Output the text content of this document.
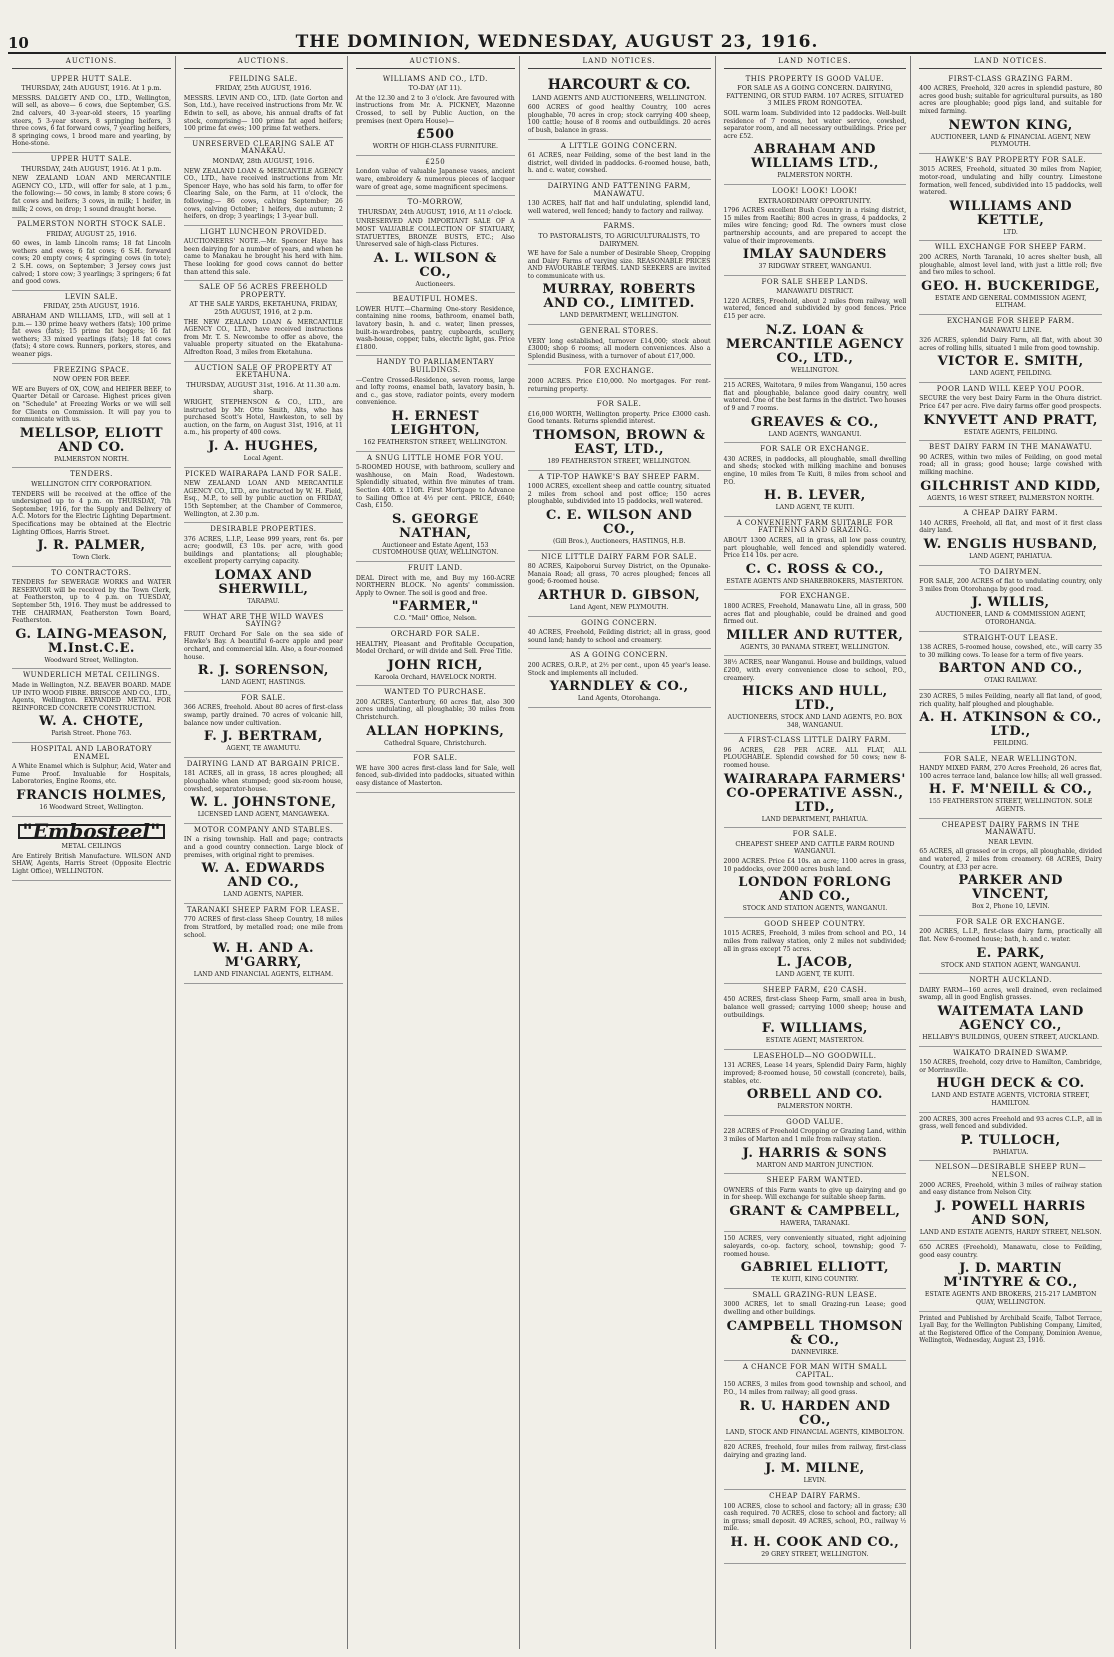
10	THE DOMINION, WEDNESDAY, AUGUST 23, 1916.
AUCTIONS.
UPPER HUTT SALE.
THURSDAY, 24th AUGUST, 1916. At 1 p.m.
MESSRS. DALGETY AND CO., LTD., Wellington, will sell, as above— 6 cows, due September, G.S. 2nd calvers, 40 3-year-old steers, 15 yearling steers, 5 3-year steers, 8 springing heifers, 3 three cows, 6 fat forward cows, 7 yearling heifers, 8 springing cows, 1 brood mare and yearling, by Hone-stone.
UPPER HUTT SALE.
THURSDAY, 24th AUGUST, 1916. At 1 p.m.
NEW ZEALAND LOAN AND MERCANTILE AGENCY CO., LTD., will offer for sale, at 1 p.m., the following:— 50 cows, in lamb; 8 store cows; 6 fat cows and heifers; 3 cows, in milk; 1 heifer, in milk; 2 cows, on drop; 1 sound draught horse.
PALMERSTON NORTH STOCK SALE.
FRIDAY, AUGUST 25, 1916.
60 ewes, in lamb Lincoln rams; 18 fat Lincoln wethers and ewes; 6 fat cows; 6 S.H. forward cows; 20 empty cows; 4 springing cows (in tote); 2 S.H. cows, on September; 3 Jersey cows just calved; 1 store cow; 3 yearlings; 3 springers; 6 fat and good cows.
LEVIN SALE.
FRIDAY, 25th AUGUST, 1916.
ABRAHAM AND WILLIAMS, LTD., will sell at 1 p.m.— 130 prime heavy wethers (fats); 100 prime fat ewes (fats); 15 prime fat hoggets; 16 fat wethers; 33 mixed yearlings (fats); 18 fat cows (fats); 4 store cows. Runners, porkers, stores, and weaner pigs.
FREEZING SPACE.
NOW OPEN FOR BEEF.
WE are Buyers of OX, COW, and HEIFER BEEF, to Quarter Detail or Carcase. Highest prices given on "Schedule" at Freezing Works or we will sell for Clients on Commission. It will pay you to communicate with us.
MELLSOP, ELIOTT AND CO.
PALMERSTON NORTH.
TENDERS.
WELLINGTON CITY CORPORATION.
TENDERS will be received at the office of the undersigned up to 4 p.m. on THURSDAY, 7th September, 1916, for the Supply and Delivery of A.C. Motors for the Electric Lighting Department. Specifications may be obtained at the Electric Lighting Offices, Harris Street.
J. R. PALMER,
Town Clerk.
TO CONTRACTORS.
TENDERS for SEWERAGE WORKS and WATER RESERVOIR will be received by the Town Clerk, at Featherston, up to 4 p.m. on TUESDAY, September 5th, 1916. They must be addressed to THE CHAIRMAN, Featherston Town Board, Featherston.
G. LAING-MEASON, M.Inst.C.E.
Woodward Street, Wellington.
WUNDERLICH METAL CEILINGS.
Made in Wellington, N.Z. BEAVER BOARD. MADE UP INTO WOOD FIBRE. BRISCOE AND CO., LTD., Agents, Wellington. EXPANDED METAL FOR REINFORCED CONCRETE CONSTRUCTION.
W. A. CHOTE,
Parish Street. Phone 763.
HOSPITAL AND LABORATORY ENAMEL
A White Enamel which is Sulphur, Acid, Water and Fume Proof. Invaluable for Hospitals, Laboratories, Engine Rooms, etc.
FRANCIS HOLMES,
16 Woodward Street, Wellington.
"Embosteel"
METAL CEILINGS
Are Entirely British Manufacture. WILSON AND SHAW, Agents, Harris Street (Opposite Electric Light Office), WELLINGTON.
AUCTIONS.
FEILDING SALE.
FRIDAY, 25th AUGUST, 1916.
MESSRS. LEVIN AND CO., LTD. (late Gorton and Son, Ltd.), have received instructions from Mr. W. Edwin to sell, as above, his annual drafts of fat stock, comprising— 100 prime fat aged heifers; 100 prime fat ewes; 100 prime fat wethers.
UNRESERVED CLEARING SALE AT MANAKAU.
MONDAY, 28th AUGUST, 1916.
NEW ZEALAND LOAN & MERCANTILE AGENCY CO., LTD., have received instructions from Mr. Spencer Haye, who has sold his farm, to offer for Clearing Sale, on the Farm, at 11 o'clock, the following:— 86 cows, calving September; 26 cows, calving October; 1 heifers, due autumn; 2 heifers, on drop; 3 yearlings; 1 3-year bull.
LIGHT LUNCHEON PROVIDED.
AUCTIONEERS' NOTE.—Mr. Spencer Haye has been dairying for a number of years, and when he came to Manakau he brought his herd with him. These looking for good cows cannot do better than attend this sale.
SALE OF 56 ACRES FREEHOLD PROPERTY.
AT THE SALE YARDS, EKETAHUNA, FRIDAY, 25th AUGUST, 1916, at 2 p.m.
THE NEW ZEALAND LOAN & MERCANTILE AGENCY CO., LTD., have received instructions from Mr. T. S. Newcombe to offer as above, the valuable property situated on the Ekatahuna-Alfredton Road, 3 miles from Eketahuna.
AUCTION SALE OF PROPERTY AT EKETAHUNA.
THURSDAY, AUGUST 31st, 1916. At 11.30 a.m. sharp.
WRIGHT, STEPHENSON & CO., LTD., are instructed by Mr. Otto Smith, Alts, who has purchased Scott's Hotel, Hawkeston, to sell by auction, on the farm, on August 31st, 1916, at 11 a.m., his property of 400 cows.
J. A. HUGHES,
Local Agent.
PICKED WAIRARAPA LAND FOR SALE.
NEW ZEALAND LOAN AND MERCANTILE AGENCY CO., LTD., are instructed by W. H. Field, Esq., M.P., to sell by public auction on FRIDAY, 15th September, at the Chamber of Commerce, Wellington, at 2.30 p.m.
DESIRABLE PROPERTIES.
376 ACRES, L.I.P., Lease 999 years, rent 6s. per acre; goodwill, £3 10s. per acre, with good buildings and plantations; all ploughable; excellent property carrying capacity.
LOMAX AND SHERWILL,
TARAPAU.
WHAT ARE THE WILD WAVES SAYING?
FRUIT Orchard For Sale on the sea side of Hawke's Bay. A beautiful 6-acre apple and pear orchard, and commercial kiln. Also, a four-roomed house.
R. J. SORENSON,
LAND AGENT, HASTINGS.
FOR SALE.
366 ACRES, freehold. About 80 acres of first-class swamp, partly drained. 70 acres of volcanic hill, balance now under cultivation.
F. J. BERTRAM,
AGENT, TE AWAMUTU.
DAIRYING LAND AT BARGAIN PRICE.
181 ACRES, all in grass, 18 acres ploughed; all ploughable when stumped; good six-room house, cowshed, separator-house.
W. L. JOHNSTONE,
LICENSED LAND AGENT, MANGAWEKA.
MOTOR COMPANY AND STABLES.
IN a rising township. Hall and page; contracts and a good country connection. Large block of premises, with original right to premises.
W. A. EDWARDS AND CO.,
LAND AGENTS, NAPIER.
TARANAKI SHEEP FARM FOR LEASE.
770 ACRES of first-class Sheep Country, 18 miles from Stratford, by metalled road; one mile from school.
W. H. AND A. M'GARRY,
LAND AND FINANCIAL AGENTS, ELTHAM.
AUCTIONS.
WILLIAMS AND CO., LTD.
TO-DAY (AT 11).
At the 12.30 and 2 to 3 o'clock. Are favoured with instructions from Mr. A. PICKNEY, Mazonne Crossed, to sell by Public Auction, on the premises (next Opera House)—
£500
WORTH OF HIGH-CLASS FURNITURE.
£250
London value of valuable Japanese vases, ancient ware, embroidery & numerous pieces of lacquer ware of great age, some magnificent specimens.
TO-MORROW,
THURSDAY, 24th AUGUST, 1916, At 11 o'clock.
UNRESERVED AND IMPORTANT SALE OF A MOST VALUABLE COLLECTION OF STATUARY, STATUETTES, BRONZE BUSTS, ETC.; Also Unreserved sale of high-class Pictures.
A. L. WILSON & CO.,
Auctioneers.
BEAUTIFUL HOMES.
LOWER HUTT.—Charming One-story Residence, containing nine rooms, bathroom, enamel bath, lavatory basin, h. and c. water, linen presses, built-in-wardrobes, pantry, cupboards, scullery, wash-house, copper, tubs, electric light, gas. Price £1800.
HANDY TO PARLIAMENTARY BUILDINGS.
—Centre Crossed-Residence, seven rooms, large and lofty rooms, enamel bath, lavatory basin, h. and c., gas stove, radiator points, every modern convenience.
H. ERNEST LEIGHTON,
162 FEATHERSTON STREET, WELLINGTON.
A SNUG LITTLE HOME FOR YOU.
5-ROOMED HOUSE, with bathroom, scullery and washhouse, on Main Road, Wadestown. Splendidly situated, within five minutes of tram. Section 40ft. x 110ft. First Mortgage to Advance to Sailing Office at 4½ per cent. PRICE, £640; Cash, £150.
S. GEORGE NATHAN,
Auctioneer and Estate Agent, 153 CUSTOMHOUSE QUAY, WELLINGTON.
FRUIT LAND.
DEAL Direct with me, and Buy my 160-ACRE NORTHERN BLOCK. No agents' commission. Apply to Owner. The soil is good and free.
"FARMER,"
C.O. "Mail" Office, Nelson.
ORCHARD FOR SALE.
HEALTHY, Pleasant and Profitable Occupation, Model Orchard, or will divide and Sell. Free Title.
JOHN RICH,
Karoola Orchard, HAVELOCK NORTH.
WANTED TO PURCHASE.
200 ACRES, Canterbury, 60 acres flat, also 300 acres undulating, all ploughable; 30 miles from Christchurch.
ALLAN HOPKINS,
Cathedral Square, Christchurch.
FOR SALE.
WE have 300 acres first-class land for Sale, well fenced, sub-divided into paddocks, situated within easy distance of Masterton.
LAND NOTICES.
HARCOURT & CO.
LAND AGENTS AND AUCTIONEERS, WELLINGTON.
600 ACRES of good healthy Country, 100 acres ploughable, 70 acres in crop; stock carrying 400 sheep, 100 cattle; house of 8 rooms and outbuildings. 20 acres of bush, balance in grass.
A LITTLE GOING CONCERN.
61 ACRES, near Feilding, some of the best land in the district, well divided in paddocks. 6-roomed house, bath, h. and c. water, cowshed.
DAIRYING AND FATTENING FARM, MANAWATU.
130 ACRES, half flat and half undulating, splendid land, well watered, well fenced; handy to factory and railway.
FARMS.
TO PASTORALISTS, TO AGRICULTURALISTS, TO DAIRYMEN.
WE have for Sale a number of Desirable Sheep, Cropping and Dairy Farms of varying size. REASONABLE PRICES AND FAVOURABLE TERMS. LAND SEEKERS are invited to communicate with us.
MURRAY, ROBERTS AND CO., LIMITED.
LAND DEPARTMENT, WELLINGTON.
GENERAL STORES.
VERY long established, turnover £14,000; stock about £3000; shop 6 rooms; all modern conveniences. Also a Splendid Business, with a turnover of about £17,000.
FOR EXCHANGE.
2000 ACRES. Price £10,000. No mortgages. For rent-returning property.
FOR SALE.
£16,000 WORTH, Wellington property. Price £3000 cash. Good tenants. Returns splendid interest.
THOMSON, BROWN & EAST, LTD.,
189 FEATHERSTON STREET, WELLINGTON.
A TIP-TOP HAWKE'S BAY SHEEP FARM.
1000 ACRES, excellent sheep and cattle country, situated 2 miles from school and post office; 150 acres ploughable, subdivided into 15 paddocks, well watered.
C. E. WILSON AND CO.,
(Gill Bros.), Auctioneers, HASTINGS, H.B.
NICE LITTLE DAIRY FARM FOR SALE.
80 ACRES, Kaipoborui Survey District, on the Opunake-Manaia Road; all grass, 70 acres ploughed; fences all good; 6-roomed house.
ARTHUR D. GIBSON,
Land Agent, NEW PLYMOUTH.
GOING CONCERN.
40 ACRES, Freehold, Feilding district; all in grass, good sound land; handy to school and creamery.
AS A GOING CONCERN.
200 ACRES, O.R.P., at 2½ per cent., upon 45 year's lease. Stock and implements all included.
YARNDLEY & CO.,
Land Agents, Otorohanga.
LAND NOTICES.
THIS PROPERTY IS GOOD VALUE.
FOR SALE AS A GOING CONCERN. DAIRYING, FATTENING, OR STUD FARM. 107 ACRES, SITUATED 3 MILES FROM RONGOTEA.
SOIL warm loam. Subdivided into 12 paddocks. Well-built residence of 7 rooms, hot water service, cowshed, separator room, and all necessary outbuildings. Price per acre £52.
ABRAHAM AND WILLIAMS LTD.,
PALMERSTON NORTH.
LOOK! LOOK! LOOK!
EXTRAORDINARY OPPORTUNITY.
1796 ACRES excellent Bush Country in a rising district, 15 miles from Raetihi; 800 acres in grass, 4 paddocks, 2 miles wire fencing; good Rd. The owners must close partnership accounts, and are prepared to accept the value of their improvements.
IMLAY SAUNDERS
37 RIDGWAY STREET, WANGANUI.
FOR SALE SHEEP LANDS.
MANAWATU DISTRICT.
1220 ACRES, Freehold, about 2 miles from railway, well watered, fenced and subdivided by good fences. Price £15 per acre.
N.Z. LOAN & MERCANTILE AGENCY CO., LTD.,
WELLINGTON.
215 ACRES, Waitotara, 9 miles from Wanganui, 150 acres flat and ploughable, balance good dairy country, well watered. One of the best farms in the district. Two houses of 9 and 7 rooms.
GREAVES & CO.,
LAND AGENTS, WANGANUI.
FOR SALE OR EXCHANGE.
430 ACRES, in paddocks, all ploughable, small dwelling and sheds; stocked with milking machine and bonuses engine, 10 miles from Te Kuiti, 8 miles from school and P.O.
H. B. LEVER,
LAND AGENT, TE KUITI.
A CONVENIENT FARM SUITABLE FOR FATTENING AND GRAZING.
ABOUT 1300 ACRES, all in grass, all low pass country, part ploughable, well fenced and splendidly watered. Price £14 10s. per acre.
C. C. ROSS & CO.,
ESTATE AGENTS AND SHAREBROKERS, MASTERTON.
FOR EXCHANGE.
1800 ACRES, Freehold, Manawatu Line, all in grass, 500 acres flat and ploughable, could be drained and good firmed out.
MILLER AND RUTTER,
AGENTS, 30 PANAMA STREET, WELLINGTON.
38½ ACRES, near Wanganui. House and buildings, valued £200, with every convenience close to school, P.O., creamery.
HICKS AND HULL, LTD.,
AUCTIONEERS, STOCK AND LAND AGENTS, P.O. BOX 348, WANGANUI.
A FIRST-CLASS LITTLE DAIRY FARM.
96 ACRES, £28 PER ACRE. ALL FLAT, ALL PLOUGHABLE. Splendid cowshed for 50 cows; new 8-roomed house.
WAIRARAPA FARMERS' CO-OPERATIVE ASSN., LTD.,
LAND DEPARTMENT, PAHIATUA.
FOR SALE.
CHEAPEST SHEEP AND CATTLE FARM ROUND WANGANUI.
2000 ACRES. Price £4 10s. an acre; 1100 acres in grass, 10 paddocks, over 2000 acres bush land.
LONDON FORLONG AND CO.,
STOCK AND STATION AGENTS, WANGANUI.
GOOD SHEEP COUNTRY.
1015 ACRES, Freehold, 3 miles from school and P.O., 14 miles from railway station, only 2 miles not subdivided; all in grass except 75 acres.
L. JACOB,
LAND AGENT, TE KUITI.
SHEEP FARM, £20 CASH.
450 ACRES, first-class Sheep Farm, small area in bush, balance well grassed; carrying 1000 sheep; house and outbuildings.
F. WILLIAMS,
ESTATE AGENT, MASTERTON.
LEASEHOLD—NO GOODWILL.
131 ACRES, Lease 14 years, Splendid Dairy Farm, highly improved; 8-roomed house, 50 cowstall (concrete), bails, stables, etc.
ORBELL AND CO.
PALMERSTON NORTH.
GOOD VALUE.
228 ACRES of Freehold Cropping or Grazing Land, within 3 miles of Marton and 1 mile from railway station.
J. HARRIS & SONS
MARTON AND MARTON JUNCTION.
SHEEP FARM WANTED.
OWNERS of this Farm wants to give up dairying and go in for sheep. Will exchange for suitable sheep farm.
GRANT & CAMPBELL,
HAWERA, TARANAKI.
150 ACRES, very conveniently situated, right adjoining saleyards, co-op. factory, school, township; good 7-roomed house.
GABRIEL ELLIOTT,
TE KUITI, KING COUNTRY.
SMALL GRAZING-RUN LEASE.
3000 ACRES, let to small Grazing-run Lease; good dwelling and other buildings.
CAMPBELL THOMSON & CO.,
DANNEVIRKE.
A CHANCE FOR MAN WITH SMALL CAPITAL.
150 ACRES, 3 miles from good township and school, and P.O., 14 miles from railway; all good grass.
R. U. HARDEN AND CO.,
LAND, STOCK AND FINANCIAL AGENTS, KIMBOLTON.
820 ACRES, freehold, four miles from railway, first-class dairying and grazing land.
J. M. MILNE,
LEVIN.
CHEAP DAIRY FARMS.
100 ACRES, close to school and factory; all in grass; £30 cash required. 70 ACRES, close to school and factory; all in grass; small deposit. 49 ACRES, school, P.O., railway ½ mile.
H. H. COOK AND CO.,
29 GREY STREET, WELLINGTON.
LAND NOTICES.
FIRST-CLASS GRAZING FARM.
400 ACRES, Freehold, 320 acres in splendid pasture, 80 acres good bush; suitable for agricultural pursuits, as 180 acres are ploughable; good pigs land, and suitable for mixed farming.
NEWTON KING,
AUCTIONEER, LAND & FINANCIAL AGENT, NEW PLYMOUTH.
HAWKE'S BAY PROPERTY FOR SALE.
3015 ACRES, Freehold, situated 30 miles from Napier, motor-road, undulating and hilly country. Limestone formation, well fenced, subdivided into 15 paddocks, well watered.
WILLIAMS AND KETTLE,
LTD.
WILL EXCHANGE FOR SHEEP FARM.
200 ACRES, North Taranaki, 10 acres shelter bush, all ploughable, almost level land, with just a little roll; five and two miles to school.
GEO. H. BUCKERIDGE,
ESTATE AND GENERAL COMMISSION AGENT, ELTHAM.
EXCHANGE FOR SHEEP FARM.
MANAWATU LINE.
326 ACRES, splendid Dairy Farm, all flat, with about 30 acres of rolling hills, situated 1 mile from good township.
VICTOR E. SMITH,
LAND AGENT, FEILDING.
POOR LAND WILL KEEP YOU POOR.
SECURE the very best Dairy Farm in the Ohura district. Price £47 per acre. Five dairy farms offer good prospects.
KNYVETT AND PRATT,
ESTATE AGENTS, FEILDING.
BEST DAIRY FARM IN THE MANAWATU.
90 ACRES, within two miles of Feilding, on good metal road; all in grass; good house; large cowshed with milking machine.
GILCHRIST AND KIDD,
AGENTS, 16 WEST STREET, PALMERSTON NORTH.
A CHEAP DAIRY FARM.
140 ACRES, Freehold, all flat, and most of it first class dairy land.
W. ENGLIS HUSBAND,
LAND AGENT, PAHIATUA.
TO DAIRYMEN.
FOR SALE, 200 ACRES of flat to undulating country, only 3 miles from Otorohanga by good road.
J. WILLIS,
AUCTIONEER, LAND & COMMISSION AGENT, OTOROHANGA.
STRAIGHT-OUT LEASE.
138 ACRES, 5-roomed house, cowshed, etc., will carry 35 to 30 milking cows. To lease for a term of five years.
BARTON AND CO.,
OTAKI RAILWAY.
230 ACRES, 5 miles Feilding, nearly all flat land, of good, rich quality, half ploughed and ploughable.
A. H. ATKINSON & CO., LTD.,
FEILDING.
FOR SALE, NEAR WELLINGTON.
HANDY MIXED FARM, 270 Acres Freehold, 26 acres flat, 100 acres terrace land, balance low hills; all well grassed.
H. F. M'NEILL & CO.,
155 FEATHERSTON STREET, WELLINGTON. SOLE AGENTS.
CHEAPEST DAIRY FARMS IN THE MANAWATU.
NEAR LEVIN.
65 ACRES, all grassed or in crops, all ploughable, divided and watered, 2 miles from creamery. 68 ACRES, Dairy Country, at £33 per acre.
PARKER AND VINCENT,
Box 2, Phone 10, LEVIN.
FOR SALE OR EXCHANGE.
200 ACRES, L.I.P., first-class dairy farm, practically all flat. New 6-roomed house; bath, h. and c. water.
E. PARK,
STOCK AND STATION AGENT, WANGANUI.
NORTH AUCKLAND.
DAIRY FARM—160 acres, well drained, even reclaimed swamp, all in good English grasses.
WAITEMATA LAND AGENCY CO.,
HELLABY'S BUILDINGS, QUEEN STREET, AUCKLAND.
WAIKATO DRAINED SWAMP.
150 ACRES, freehold, cozy drive to Hamilton, Cambridge, or Morrinsville.
HUGH DECK & CO.
LAND AND ESTATE AGENTS, VICTORIA STREET, HAMILTON.
200 ACRES, 300 acres Freehold and 93 acres C.L.P., all in grass, well fenced and subdivided.
P. TULLOCH,
PAHIATUA.
NELSON—DESIRABLE SHEEP RUN—NELSON.
2000 ACRES, Freehold, within 3 miles of railway station and easy distance from Nelson City.
J. POWELL HARRIS AND SON,
LAND AND ESTATE AGENTS, HARDY STREET, NELSON.
650 ACRES (Freehold), Manawatu, close to Feilding, good easy country.
J. D. MARTIN M'INTYRE & CO.,
ESTATE AGENTS AND BROKERS, 215-217 LAMBTON QUAY, WELLINGTON.
Printed and Published by Archibald Scaife, Talbot Terrace, Lyall Bay, for the Wellington Publishing Company, Limited, at the Registered Office of the Company, Dominion Avenue, Wellington, Wednesday, August 23, 1916.
